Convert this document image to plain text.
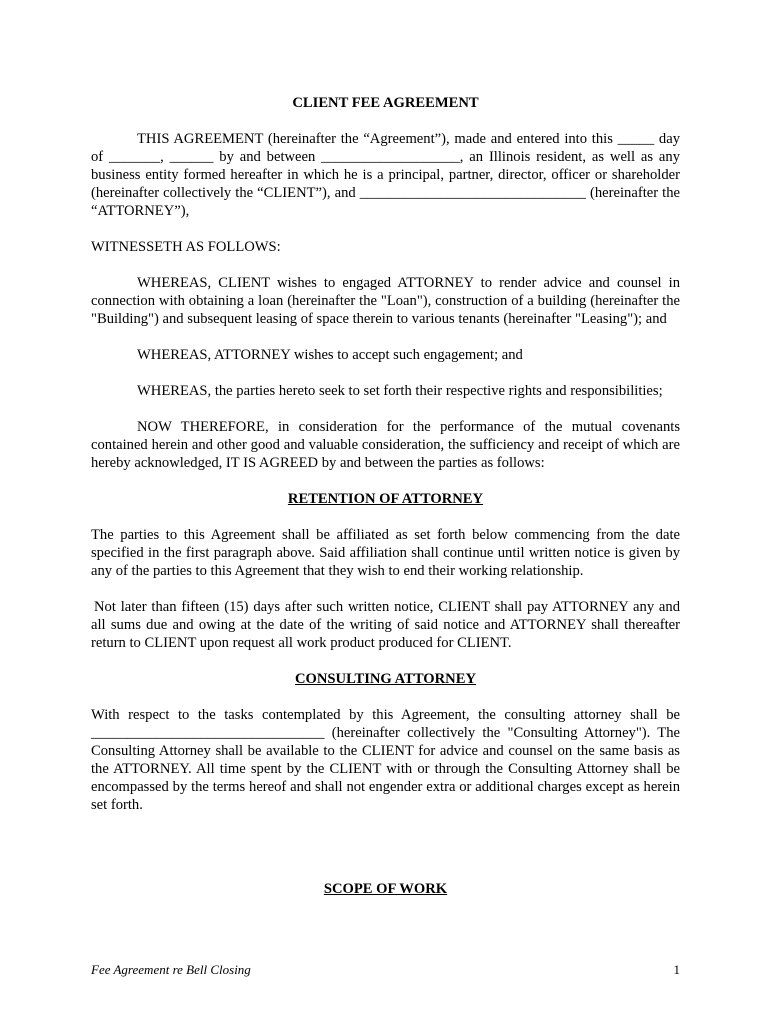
CLIENT FEE AGREEMENT

THIS AGREEMENT (hereinafter the “Agreement”), made and entered into this _____ day of _______, ______ by and between ___________________, an Illinois resident, as well as any business entity formed hereafter in which he is a principal, partner, director, officer or shareholder (hereinafter collectively the “CLIENT”), and _______________________________ (hereinafter the “ATTORNEY”),

WITNESSETH AS FOLLOWS:

WHEREAS, CLIENT wishes to engaged ATTORNEY to render advice and counsel in connection with obtaining a loan (hereinafter the "Loan"), construction of a building (hereinafter the "Building") and subsequent leasing of space therein to various tenants (hereinafter "Leasing"); and

WHEREAS, ATTORNEY wishes to accept such engagement; and

WHEREAS, the parties hereto seek to set forth their respective rights and responsibilities;

NOW THEREFORE, in consideration for the performance of the mutual covenants contained herein and other good and valuable consideration, the sufficiency and receipt of which are hereby acknowledged, IT IS AGREED by and between the parties as follows:

RETENTION OF ATTORNEY

The parties to this Agreement shall be affiliated as set forth below commencing from the date specified in the first paragraph above. Said affiliation shall continue until written notice is given by any of the parties to this Agreement that they wish to end their working relationship.

Not later than fifteen (15) days after such written notice, CLIENT shall pay ATTORNEY any and all sums due and owing at the date of the writing of said notice and ATTORNEY shall thereafter return to CLIENT upon request all work product produced for CLIENT.

CONSULTING ATTORNEY

With respect to the tasks contemplated by this Agreement, the consulting attorney shall be ________________________________ (hereinafter collectively the "Consulting Attorney"). The Consulting Attorney shall be available to the CLIENT for advice and counsel on the same basis as the ATTORNEY. All time spent by the CLIENT with or through the Consulting Attorney shall be encompassed by the terms hereof and shall not engender extra or additional charges except as herein set forth.

SCOPE OF WORK
Fee Agreement re Bell Closing	1
